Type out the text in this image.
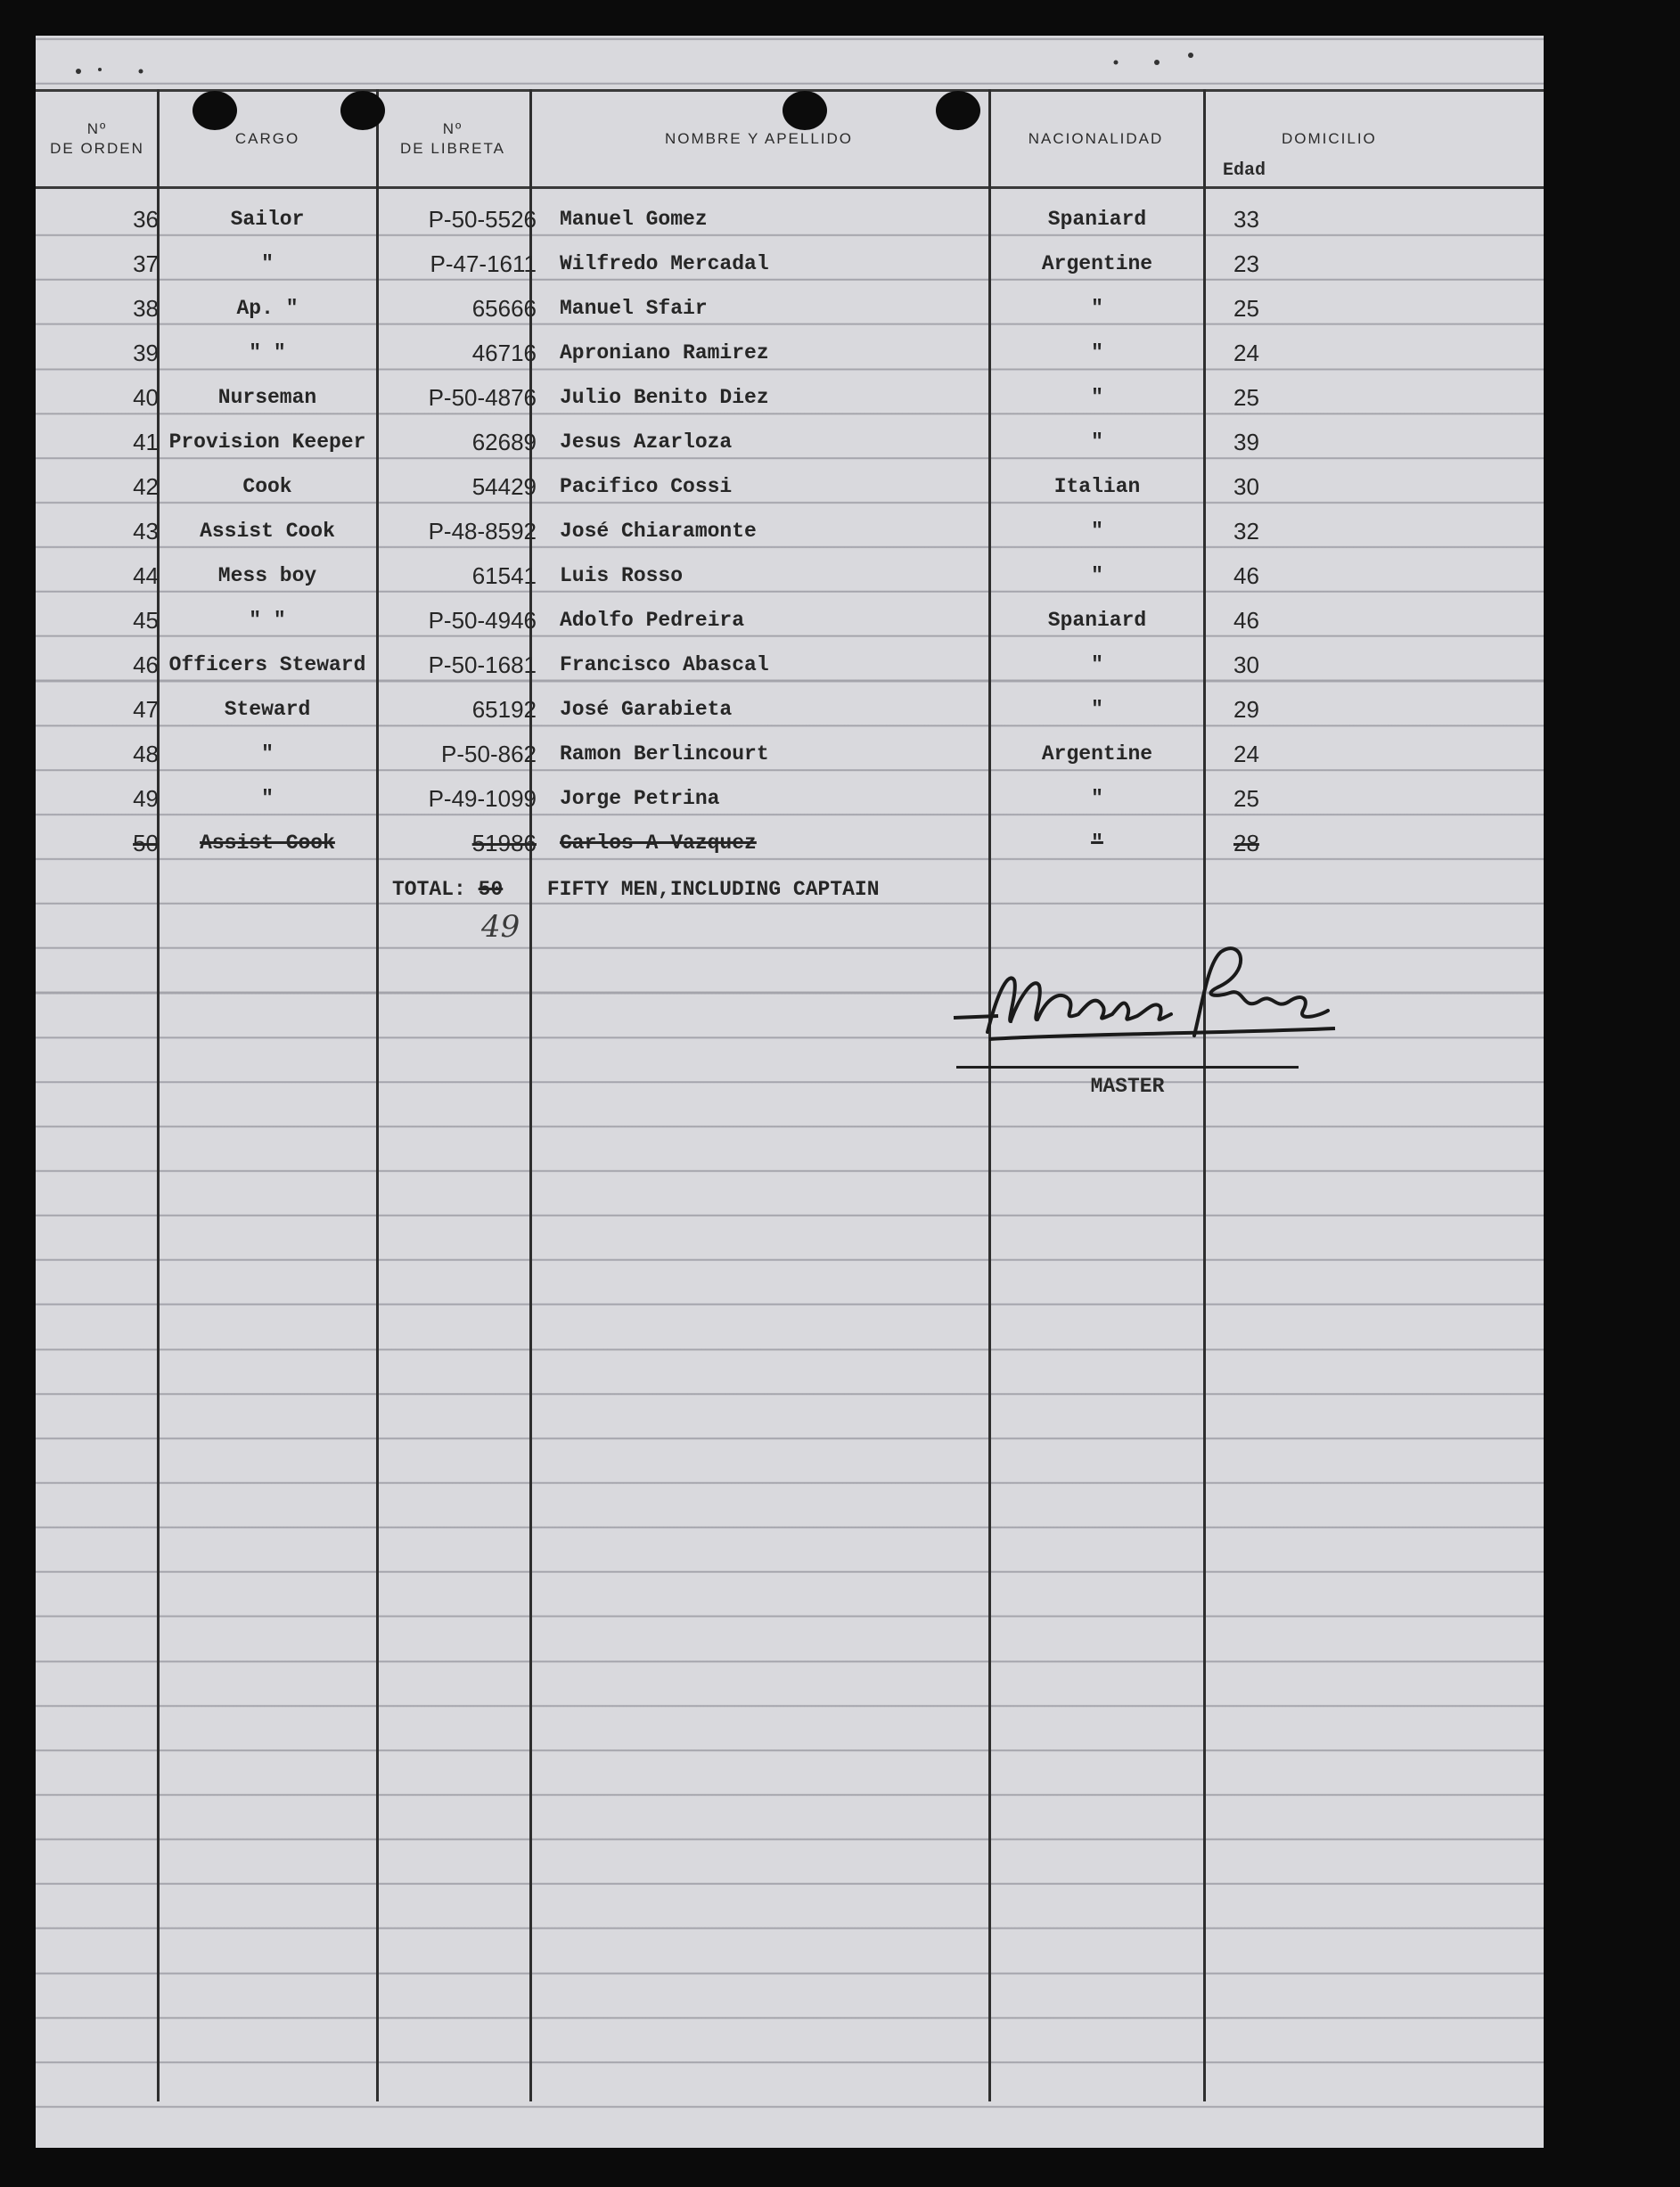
Nº
DE ORDEN
CARGO
Nº
DE LIBRETA
NOMBRE Y APELLIDO	NACIONALIDAD
Edad
DOMICILIO
36	Sailor	P-50-5526 Manuel Gomez	Spaniard	33
37	"	P-47-1611 Wilfredo Mercadal	Argentine	23
38	Ap. "	65666 Manuel Sfair	"	25
39	" "	46716 Aproniano Ramirez	"	24
40	Nurseman	P-50-4876 Julio Benito Diez	"	25
41 Provision Keeper	62689 Jesus Azarloza	"	39
42	Cook	54429 Pacifico Cossi	Italian	30
43	Assist Cook	P-48-8592 José Chiaramonte	"	32
44	Mess boy	61541 Luis Rosso	"	46
45	" "	P-50-4946 Adolfo Pedreira	Spaniard	46
46 Officers Steward	P-50-1681 Francisco Abascal	"	30
47	Steward	65192 José Garabieta	"	29
48	"	P-50-862 Ramon Berlincourt	Argentine	24
49	"	P-49-1099 Jorge Petrina	"	25
50	Assist Cook	51986 Carlos A Vazquez	"	28
TOTAL: 50 FIFTY MEN,INCLUDING CAPTAIN
49
Mario Pexo
MASTER
